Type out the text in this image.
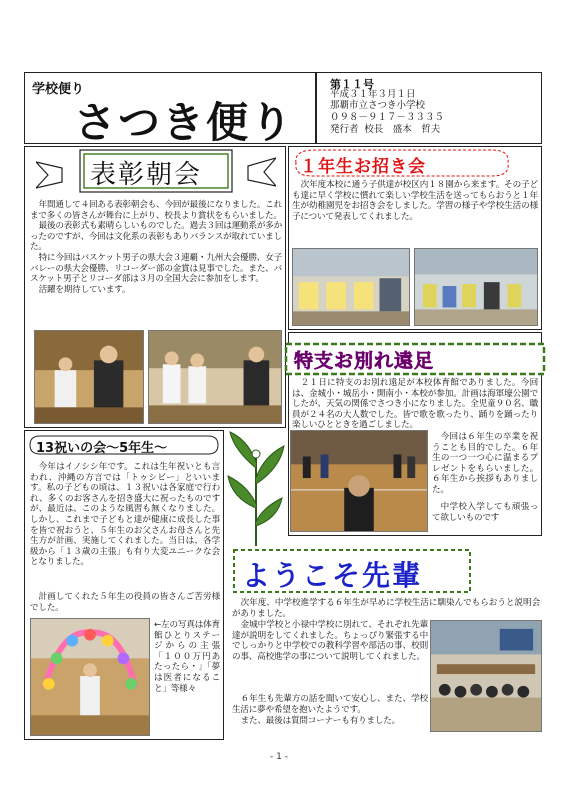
学校便り
さつき便り
第１１号
平成３１年３月１日
那覇市立さつき小学校
０９８－９１７－３３３５
発行者 校長　盛本　哲夫
表彰朝会

年間通して４回ある表彰朝会も、今回が最後になりました。これまで多くの皆さんが舞台に上がり、校長より賞状をもらいました。

最後の表彰式も素晴らしいものでした。過去３回は運動系が多かったのですが、今回は文化系の表彰もありバランスが取れていました。

特に今回はバスケット男子の県大会３連覇・九州大会優勝、女子バレーの県大会優勝、リコーダー部の金賞は見事でした。また、バスケット男子とリコーダ部は３月の全国大会に参加をします。

活躍を期待しています。

１年生お招き会
次年度本校に通う子供達が校区内１８園から来ます。その子ども達に早く学校に慣れて楽しい学校生活を送ってもらおうと１年生が幼稚園児をお招き会をしました。学習の様子や学校生活の様子について発表してくれました。
特支お別れ遠足
２１日に特支のお別れ遠足が本校体育館でありました。今回は、金城小・城岳小・開南小・本校が参加。計画は海軍壕公園でしたが、天気の関係でさつき小になりました。全児童９０名、職員が２４名の大人数でした。皆で歌を歌ったり、踊りを踊ったり楽しいひとときを過ごしました。
今回は６年生の卒業を祝うことも目的でした。６年生の一つ一つ心に温まるプレゼントをもらいました。６年生から挨拶もありました。
中学校入学しても頑張って欲しいものです
13祝いの会～5年生～
今年はイノシシ年です。これは生年祝いとも言われ、沖縄の方言では「トゥシビー」といいます。私の子どもの頃は、１３祝いは各家庭で行われ、多くのお客さんを招き盛大に祝ったものですが、最近は、このような風習も無くなりました。しかし、これまで子どもと達が健康に成長した事を皆で祝おうと、５年生のお父さんお母さんと先生方が計画、実施してくれました。当日は、各学級から「１３歳の主張」も有り大変ユニークな会となりました。
計画してくれた５年生の役員の皆さんご苦労様でした。
←左の写真は体育館ひとりステージからの主張「１００万円あたったら・」「夢は医者になること」等様々
ようこそ先輩
次年度、中学校進学する６年生が早めに学校生活に馴染んでもらおうと説明会がありました。
金城中学校と小禄中学校に別れて、それぞれ先輩達が説明をしてくれました。ちょっぴり緊張する中でしっかりと中学校での教科学習や部活の事、校則の事、高校進学の事について説明してくれました。
６年生も先輩方の話を聞いて安心し、また、学校生活に夢や希望を抱いたようです。
また、最後は質問コーナーも有りました。
- 1 -
